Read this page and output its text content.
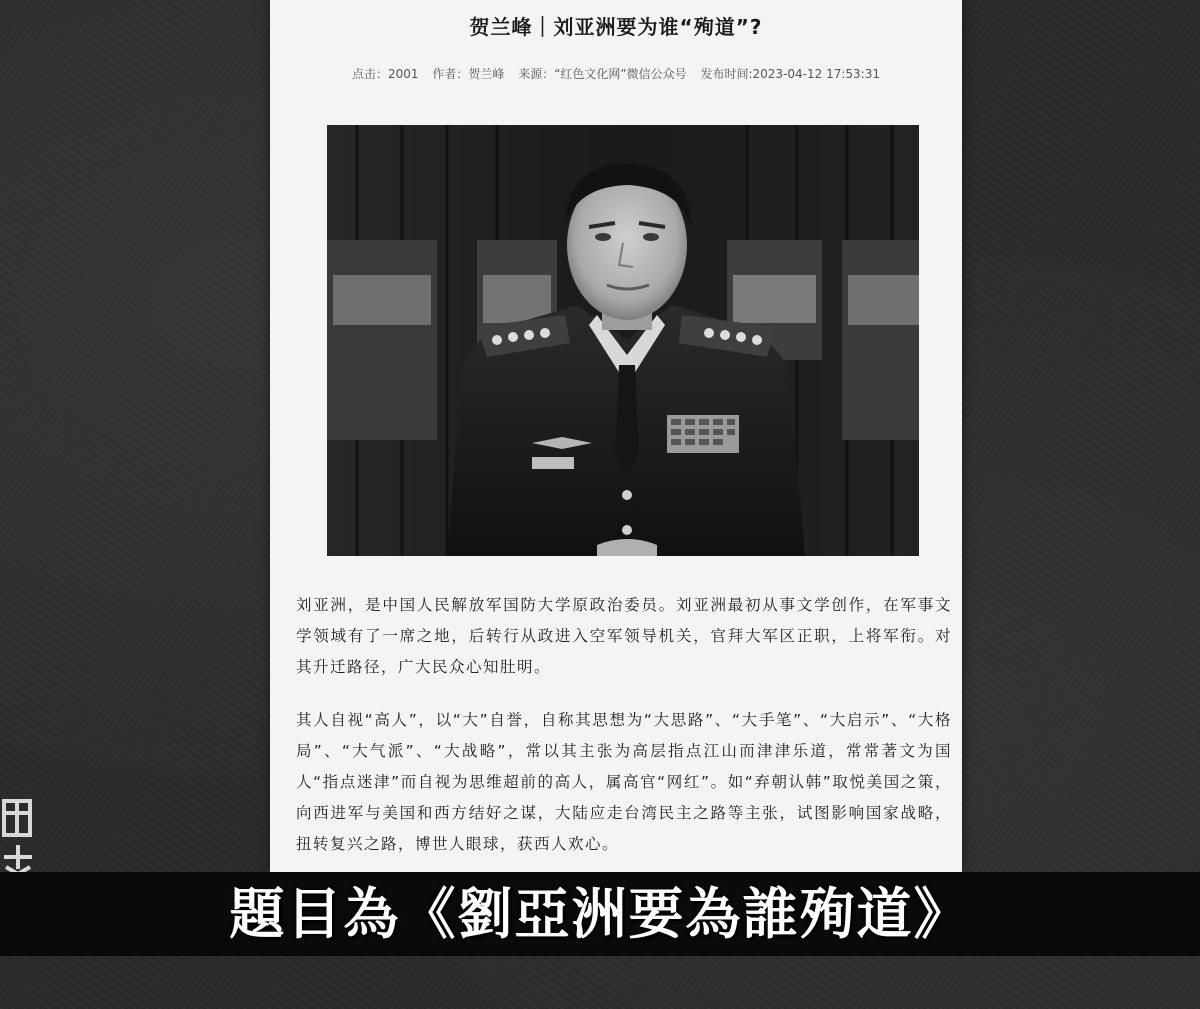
贺兰峰｜刘亚洲要为谁“殉道”?
点击：2001 作者：贺兰峰 来源：“红色文化网”微信公众号 发布时间:2023-04-12 17:53:31

刘亚洲，是中国人民解放军国防大学原政治委员。刘亚洲最初从事文学创作，在军事文学领域有了一席之地，后转行从政进入空军领导机关，官拜大军区正职，上将军衔。对其升迁路径，广大民众心知肚明。

其人自视“高人”，以“大”自誉，自称其思想为“大思路”、“大手笔”、“大启示”、“大格局”、“大气派”、“大战略”，常以其主张为高层指点江山而津津乐道，常常著文为国人“指点迷津”而自视为思维超前的高人，属高官“网红”。如“弃朝认韩”取悦美国之策，向西进军与美国和西方结好之谋，大陆应走台湾民主之路等主张，试图影响国家战略，扭转复兴之路，博世人眼球，获西人欢心。

題目為《劉亞洲要為誰殉道》
